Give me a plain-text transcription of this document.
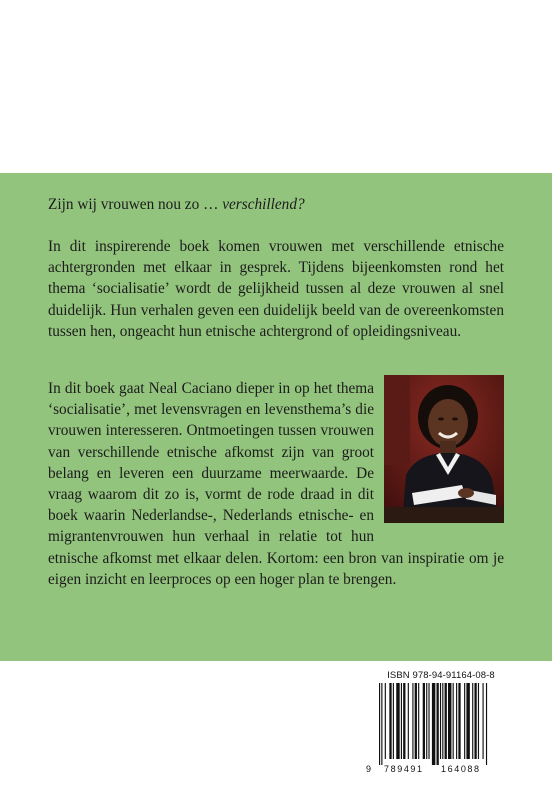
Zijn wij vrouwen nou zo … verschillend?
In dit inspirerende boek komen vrouwen met verschillende etnische achtergronden met elkaar in gesprek. Tijdens bijeenkomsten rond het thema ‘socialisatie’ wordt de gelijkheid tussen al deze vrouwen al snel duidelijk. Hun verhalen geven een duidelijk beeld van de overeenkomsten tussen hen, ongeacht hun etnische achtergrond of opleidingsniveau.
In dit boek gaat Neal Caciano dieper in op het thema ‘socialisatie’, met levensvragen en levensthema’s die vrouwen interesseren. Ontmoetingen tussen vrouwen van verschillende etnische afkomst zijn van groot belang en leveren een duurzame meerwaarde. De vraag waarom dit zo is, vormt de rode draad in dit boek waarin Nederlandse-, Nederlands etnische- en migrantenvrouwen hun verhaal in relatie tot hun etnische afkomst met elkaar delen. Kortom: een bron van inspiratie om je eigen inzicht en leerproces op een hoger plan te brengen.
ISBN 978-94-91164-08-8
9 789491 164088
